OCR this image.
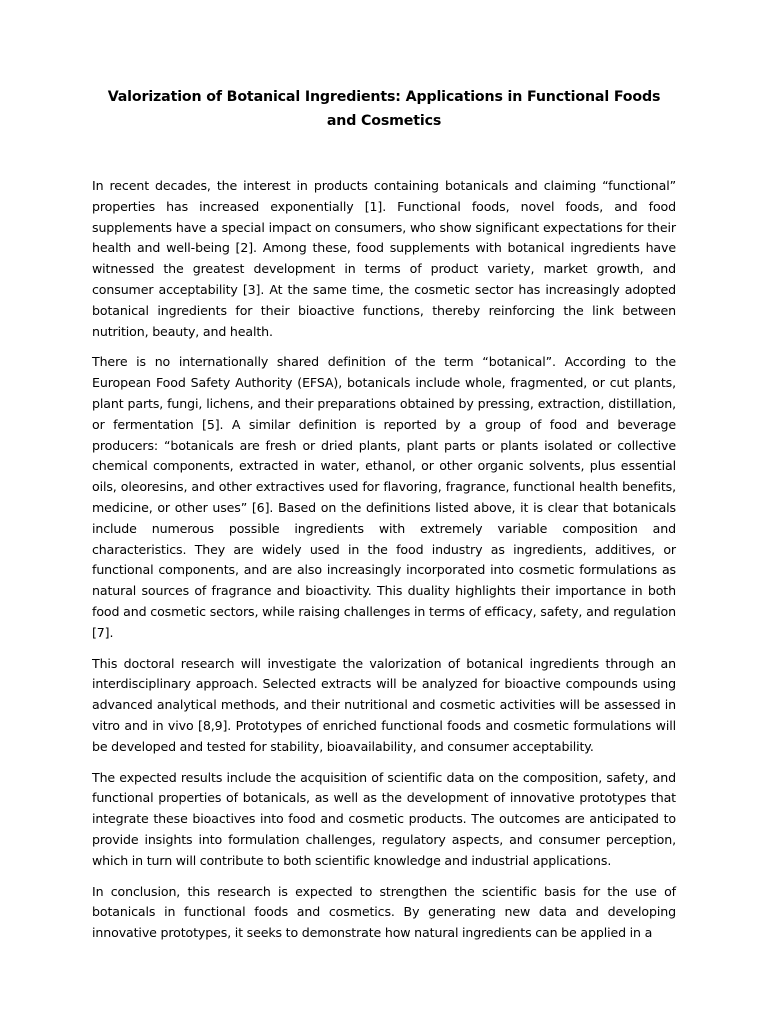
Valorization of Botanical Ingredients: Applications in Functional Foods and Cosmetics

In recent decades, the interest in products containing botanicals and claiming “functional” properties has increased exponentially [1]. Functional foods, novel foods, and food supplements have a special impact on consumers, who show significant expectations for their health and well-being [2]. Among these, food supplements with botanical ingredients have witnessed the greatest development in terms of product variety, market growth, and consumer acceptability [3]. At the same time, the cosmetic sector has increasingly adopted botanical ingredients for their bioactive functions, thereby reinforcing the link between nutrition, beauty, and health.

There is no internationally shared definition of the term “botanical”. According to the European Food Safety Authority (EFSA), botanicals include whole, fragmented, or cut plants, plant parts, fungi, lichens, and their preparations obtained by pressing, extraction, distillation, or fermentation [5]. A similar definition is reported by a group of food and beverage producers: “botanicals are fresh or dried plants, plant parts or plants isolated or collective chemical components, extracted in water, ethanol, or other organic solvents, plus essential oils, oleoresins, and other extractives used for flavoring, fragrance, functional health benefits, medicine, or other uses” [6]. Based on the definitions listed above, it is clear that botanicals include numerous possible ingredients with extremely variable composition and characteristics. They are widely used in the food industry as ingredients, additives, or functional components, and are also increasingly incorporated into cosmetic formulations as natural sources of fragrance and bioactivity. This duality highlights their importance in both food and cosmetic sectors, while raising challenges in terms of efficacy, safety, and regulation [7].

This doctoral research will investigate the valorization of botanical ingredients through an interdisciplinary approach. Selected extracts will be analyzed for bioactive compounds using advanced analytical methods, and their nutritional and cosmetic activities will be assessed in vitro and in vivo [8,9]. Prototypes of enriched functional foods and cosmetic formulations will be developed and tested for stability, bioavailability, and consumer acceptability.

The expected results include the acquisition of scientific data on the composition, safety, and functional properties of botanicals, as well as the development of innovative prototypes that integrate these bioactives into food and cosmetic products. The outcomes are anticipated to provide insights into formulation challenges, regulatory aspects, and consumer perception, which in turn will contribute to both scientific knowledge and industrial applications.

In conclusion, this research is expected to strengthen the scientific basis for the use of botanicals in functional foods and cosmetics. By generating new data and developing innovative prototypes, it seeks to demonstrate how natural ingredients can be applied in a
